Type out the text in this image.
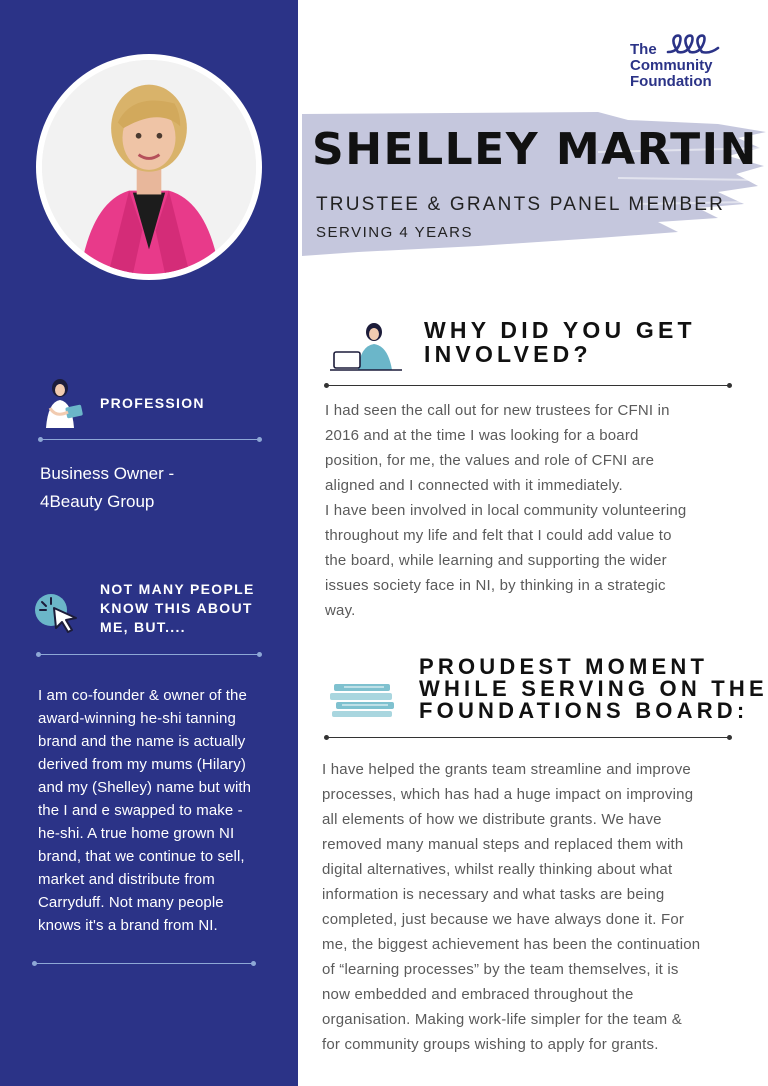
PROFESSION
Business Owner -
4Beauty Group
NOT MANY PEOPLE
KNOW THIS ABOUT
ME, BUT....
I am co-founder & owner of the
award-winning he-shi tanning
brand and the name is actually
derived from my mums (Hilary)
and my (Shelley) name but with
the I and e swapped to make -
he-shi. A true home grown NI
brand, that we continue to sell,
market and distribute from
Carryduff. Not many people
knows it's a brand from NI.
The
Community
Foundation
SHELLEY MARTIN
TRUSTEE & GRANTS PANEL MEMBER
SERVING 4 YEARS
WHY DID YOU GET
INVOLVED?
I had seen the call out for new trustees for CFNI in
2016 and at the time I was looking for a board
position, for me, the values and role of CFNI are
aligned and I connected with it immediately.
I have been involved in local community volunteering
throughout my life and felt that I could add value to
the board, while learning and supporting the wider
issues society face in NI, by thinking in a strategic
way.
PROUDEST MOMENT
WHILE SERVING ON THE
FOUNDATIONS BOARD:
I have helped the grants team streamline and improve
processes, which has had a huge impact on improving
all elements of how we distribute grants. We have
removed many manual steps and replaced them with
digital alternatives, whilst really thinking about what
information is necessary and what tasks are being
completed, just because we have always done it. For
me, the biggest achievement has been the continuation
of “learning processes” by the team themselves, it is
now embedded and embraced throughout the
organisation. Making work-life simpler for the team &
for community groups wishing to apply for grants.
